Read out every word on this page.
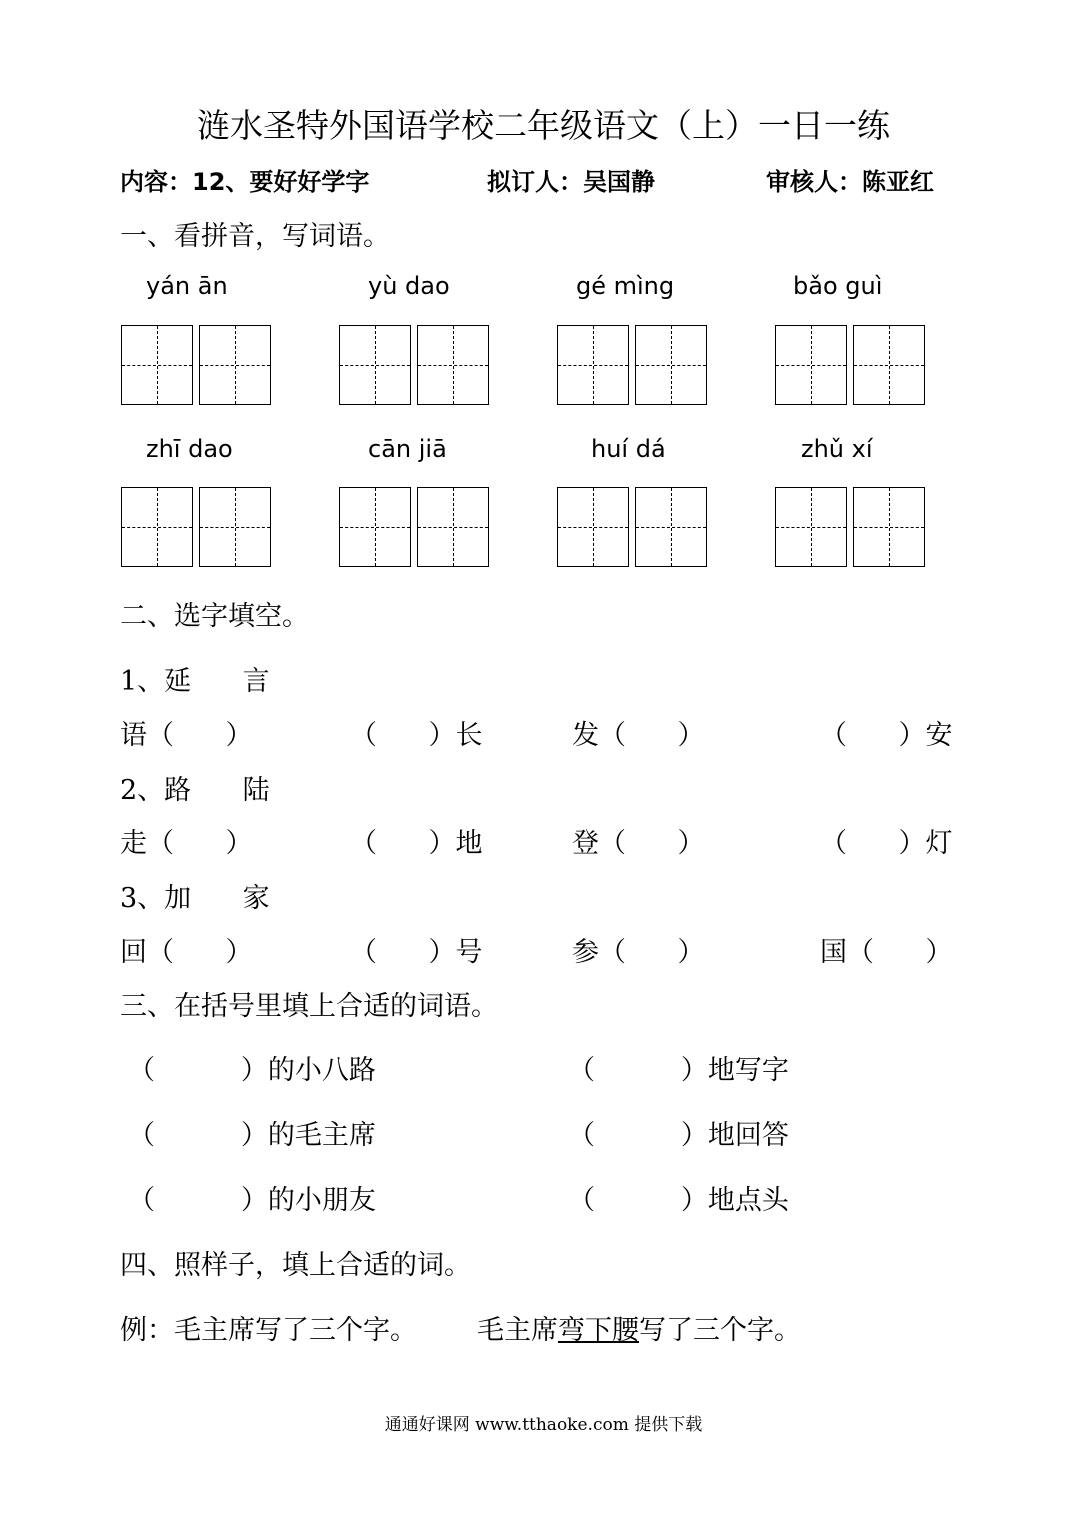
涟水圣特外国语学校二年级语文（上）一日一练
内容：12、要好好学字	拟订人：吴国静	审核人：陈亚红
一、看拼音，写词语。
yán ān	yù dao	gé mìng	bǎo guì
zhī dao	cān jiā	huí dá	zhǔ xí
二、选字填空。
1、延      言
语（      ）	（      ）长	发（      ）	（      ）安
2、路      陆
走（      ）	（      ）地	登（      ）	（      ）灯
3、加      家
回（      ）	（      ）号	参（      ）	国（      ）
三、在括号里填上合适的词语。
（          ）的小八路	（          ）地写字
（          ）的毛主席	（          ）地回答
（          ）的小朋友	（          ）地点头
四、照样子，填上合适的词。
例：毛主席写了三个字。 毛主席弯下腰写了三个字。
通通好课网 www.tthaoke.com 提供下载
